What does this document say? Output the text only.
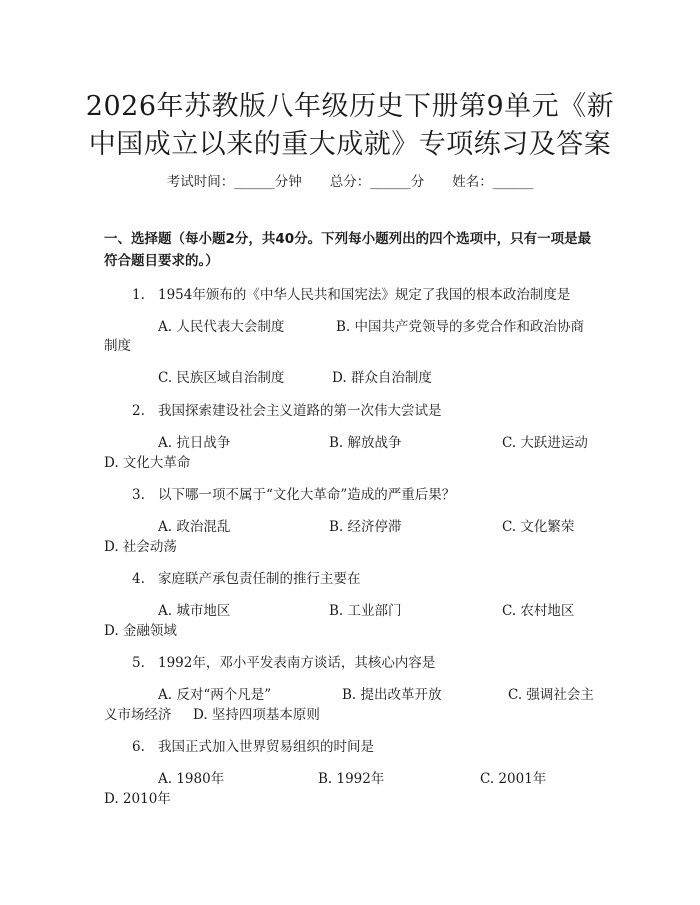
2026年苏教版八年级历史下册第9单元《新
中国成立以来的重大成就》专项练习及答案
考试时间：______分钟 总分：______分 姓名：______
一、选择题（每小题2分，共40分。下列每小题列出的四个选项中，只有一项是最符合题目要求的。）
1. 1954年颁布的《中华人民共和国宪法》规定了我国的根本政治制度是
A. 人民代表大会制度	B. 中国共产党领导的多党合作和政治协商
制度
C. 民族区域自治制度	D. 群众自治制度
2. 我国探索建设社会主义道路的第一次伟大尝试是
A. 抗日战争	B. 解放战争	C. 大跃进运动
D. 文化大革命
3. 以下哪一项不属于“文化大革命”造成的严重后果？
A. 政治混乱	B. 经济停滞	C. 文化繁荣
D. 社会动荡
4. 家庭联产承包责任制的推行主要在
A. 城市地区	B. 工业部门	C. 农村地区
D. 金融领域
5. 1992年，邓小平发表南方谈话，其核心内容是
A. 反对“两个凡是”	B. 提出改革开放	C. 强调社会主
义市场经济 D. 坚持四项基本原则
6. 我国正式加入世界贸易组织的时间是
A. 1980年	B. 1992年	C. 2001年
D. 2010年
